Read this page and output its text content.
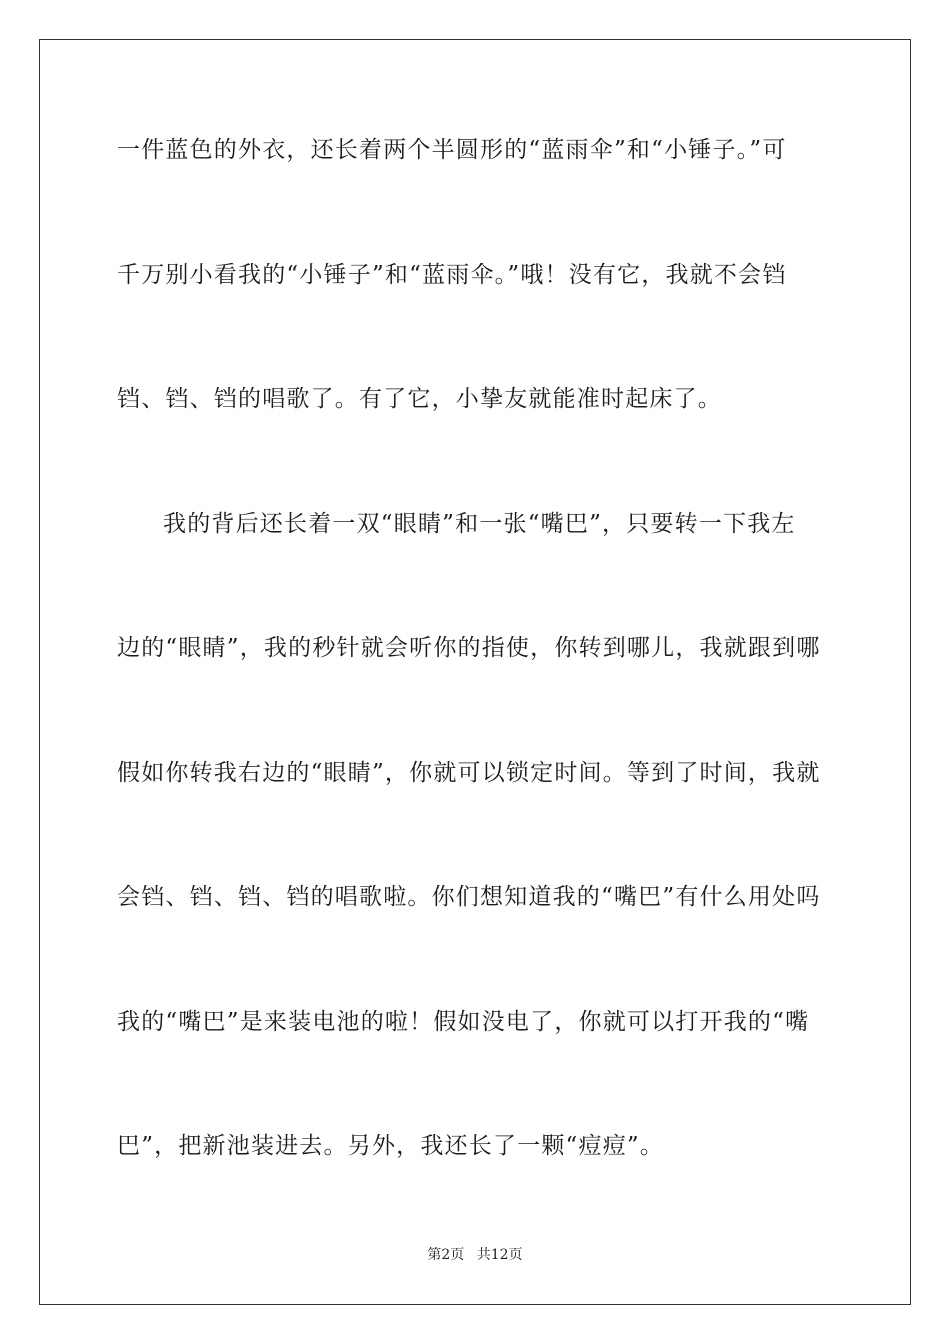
一件蓝色的外衣，还长着两个半圆形的“蓝雨伞”和“小锤子。”可
千万别小看我的“小锤子”和“蓝雨伞。”哦！没有它，我就不会铛
铛、铛、铛的唱歌了。有了它，小挚友就能准时起床了。
我的背后还长着一双“眼睛”和一张“嘴巴”，只要转一下我左
边的“眼睛”，我的秒针就会听你的指使，你转到哪儿，我就跟到哪
假如你转我右边的“眼睛”，你就可以锁定时间。等到了时间，我就
会铛、铛、铛、铛的唱歌啦。你们想知道我的“嘴巴”有什么用处吗
我的“嘴巴”是来装电池的啦！假如没电了，你就可以打开我的“嘴
巴”，把新池装进去。另外，我还长了一颗“痘痘”。
第2页 共12页
